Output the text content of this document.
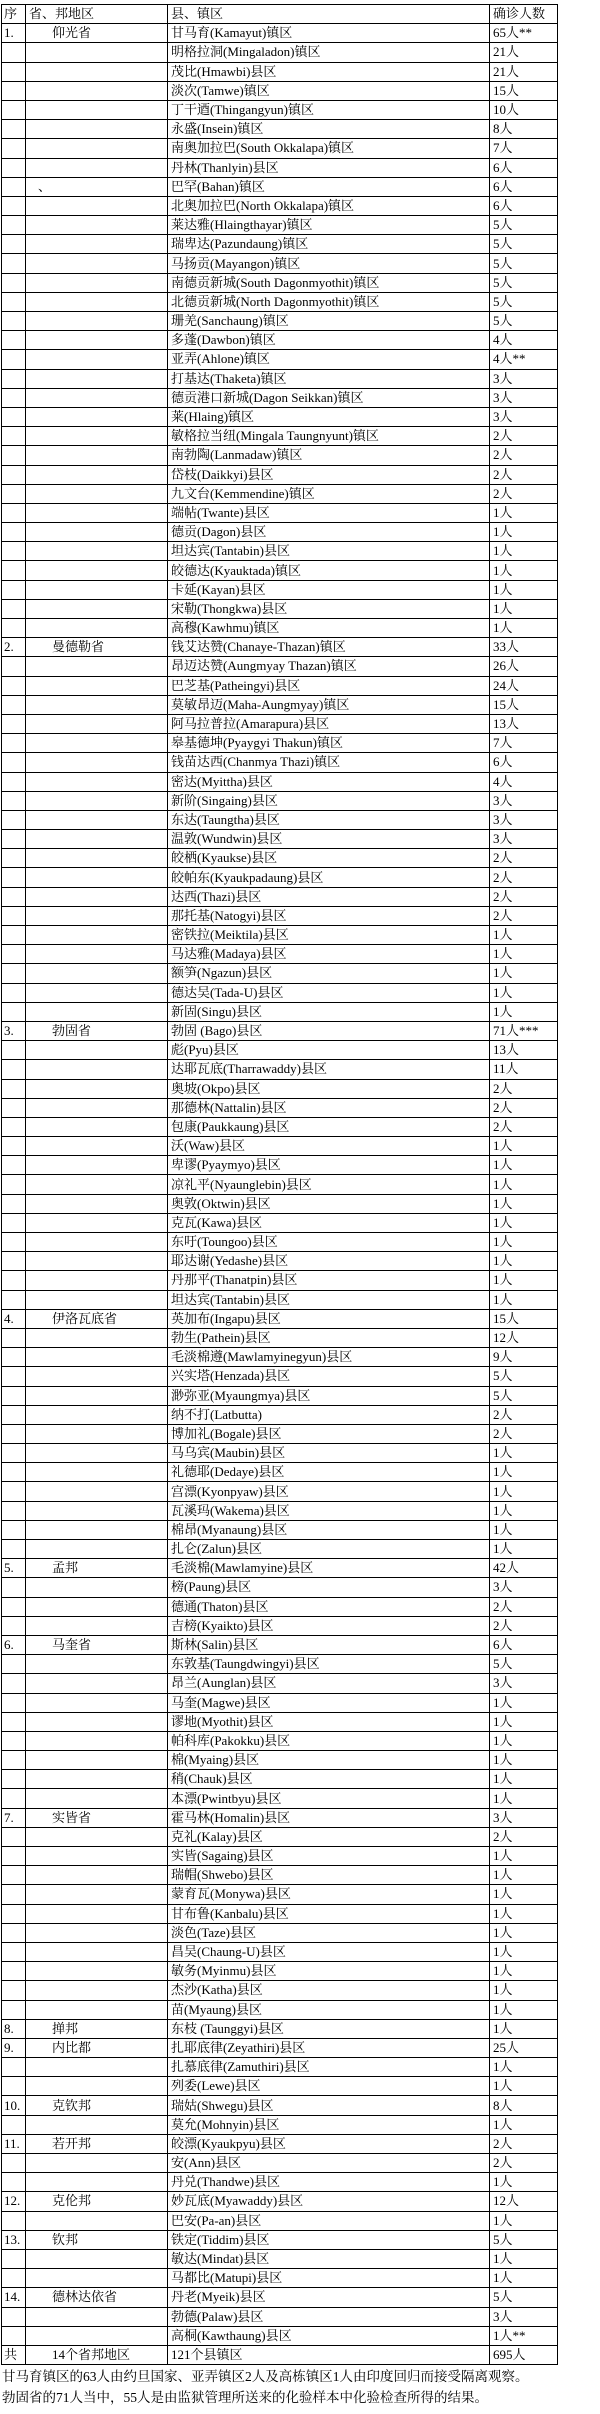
序	省、邦地区	县、镇区	确诊人数
1.	仰光省	甘马育(Kamayut)镇区	65人**
		明格拉洞(Mingaladon)镇区	21人
		茂比(Hmawbi)县区	21人
		淡次(Tamwe)镇区	15人
		丁干逎(Thingangyun)镇区	10人
		永盛(Insein)镇区	8人
		南奥加拉巴(South Okkalapa)镇区	7人
		丹林(Thanlyin)县区	6人
	、	巴罕(Bahan)镇区	6人
		北奥加拉巴(North Okkalapa)镇区	6人
		莱达雅(Hlaingthayar)镇区	5人
		瑞卑达(Pazundaung)镇区	5人
		马扬贡(Mayangon)镇区	5人
		南德贡新城(South Dagonmyothit)镇区	5人
		北德贡新城(North Dagonmyothit)镇区	5人
		珊羌(Sanchaung)镇区	5人
		多蓬(Dawbon)镇区	4人
		亚弄(Ahlone)镇区	4人**
		打基达(Thaketa)镇区	3人
		德贡港口新城(Dagon Seikkan)镇区	3人
		莱(Hlaing)镇区	3人
		敏格拉当纽(Mingala Taungnyunt)镇区	2人
		南勃陶(Lanmadaw)镇区	2人
		岱枝(Daikkyi)县区	2人
		九文台(Kemmendine)镇区	2人
		端帖(Twante)县区	1人
		德贡(Dagon)县区	1人
		坦达宾(Tantabin)县区	1人
		皎德达(Kyauktada)镇区	1人
		卡延(Kayan)县区	1人
		宋勒(Thongkwa)县区	1人
		高穆(Kawhmu)镇区	1人
2.	曼德勒省	钱艾达赞(Chanaye-Thazan)镇区	33人
		昂迈达赞(Aungmyay Thazan)镇区	26人
		巴芝基(Patheingyi)县区	24人
		莫敏昂迈(Maha-Aungmyay)镇区	15人
		阿马拉普拉(Amarapura)县区	13人
		皋基德坤(Pyaygyi Thakun)镇区	7人
		钱苗达西(Chanmya Thazi)镇区	6人
		密达(Myittha)县区	4人
		新阶(Singaing)县区	3人
		东达(Taungtha)县区	3人
		温敦(Wundwin)县区	3人
		皎栖(Kyaukse)县区	2人
		皎帕东(Kyaukpadaung)县区	2人
		达西(Thazi)县区	2人
		那托基(Natogyi)县区	2人
		密铁拉(Meiktila)县区	1人
		马达雅(Madaya)县区	1人
		额笋(Ngazun)县区	1人
		德达吴(Tada-U)县区	1人
		新固(Singu)县区	1人
3.	勃固省	勃固 (Bago)县区	71人***
		彪(Pyu)县区	13人
		达耶瓦底(Tharrawaddy)县区	11人
		奥坡(Okpo)县区	2人
		那德林(Nattalin)县区	2人
		包康(Paukkaung)县区	2人
		沃(Waw)县区	1人
		卑谬(Pyaymyo)县区	1人
		凉礼平(Nyaunglebin)县区	1人
		奥敦(Oktwin)县区	1人
		克瓦(Kawa)县区	1人
		东吁(Toungoo)县区	1人
		耶达谢(Yedashe)县区	1人
		丹那平(Thanatpin)县区	1人
		坦达宾(Tantabin)县区	1人
4.	伊洛瓦底省	英加布(Ingapu)县区	15人
		勃生(Pathein)县区	12人
		毛淡棉遵(Mawlamyinegyun)县区	9人
		兴实塔(Henzada)县区	5人
		渺弥亚(Myaungmya)县区	5人
		纳不打(Latbutta)	2人
		博加礼(Bogale)县区	2人
		马乌宾(Maubin)县区	1人
		礼德耶(Dedaye)县区	1人
		宫漂(Kyonpyaw)县区	1人
		瓦溪玛(Wakema)县区	1人
		棉昂(Myanaung)县区	1人
		扎仑(Zalun)县区	1人
5.	孟邦	毛淡棉(Mawlamyine)县区	42人
		榜(Paung)县区	3人
		德通(Thaton)县区	2人
		吉榜(Kyaikto)县区	2人
6.	马奎省	斯林(Salin)县区	6人
		东敦基(Taungdwingyi)县区	5人
		昂兰(Aunglan)县区	3人
		马奎(Magwe)县区	1人
		谬地(Myothit)县区	1人
		帕科库(Pakokku)县区	1人
		棉(Myaing)县区	1人
		稍(Chauk)县区	1人
		本漂(Pwintbyu)县区	1人
7.	实皆省	霍马林(Homalin)县区	3人
		克礼(Kalay)县区	2人
		实皆(Sagaing)县区	1人
		瑞帽(Shwebo)县区	1人
		蒙育瓦(Monywa)县区	1人
		甘布鲁(Kanbalu)县区	1人
		淡色(Taze)县区	1人
		昌吴(Chaung-U)县区	1人
		敏务(Myinmu)县区	1人
		杰沙(Katha)县区	1人
		苗(Myaung)县区	1人
8.	掸邦	东枝 (Taunggyi)县区	1人
9.	内比都	扎耶底律(Zeyathiri)县区	25人
		扎慕底律(Zamuthiri)县区	1人
		列委(Lewe)县区	1人
10.	克钦邦	瑞姑(Shwegu)县区	8人
		莫允(Mohnyin)县区	1人
11.	若开邦	皎漂(Kyaukpyu)县区	2人
		安(Ann)县区	2人
		丹兑(Thandwe)县区	1人
12.	克伦邦	妙瓦底(Myawaddy)县区	12人
		巴安(Pa-an)县区	1人
13.	钦邦	铁定(Tiddim)县区	5人
		敏达(Mindat)县区	1人
		马都比(Matupi)县区	1人
14.	德林达依省	丹老(Myeik)县区	5人
		勃德(Palaw)县区	3人
		高桐(Kawthaung)县区	1人**
共	14个省邦地区	121个县镇区	695人
甘马育镇区的63人由约旦国家、亚弄镇区2人及高栋镇区1人由印度回归而接受隔离观察。
勃固省的71人当中，55人是由监狱管理所送来的化验样本中化验检查所得的结果。
